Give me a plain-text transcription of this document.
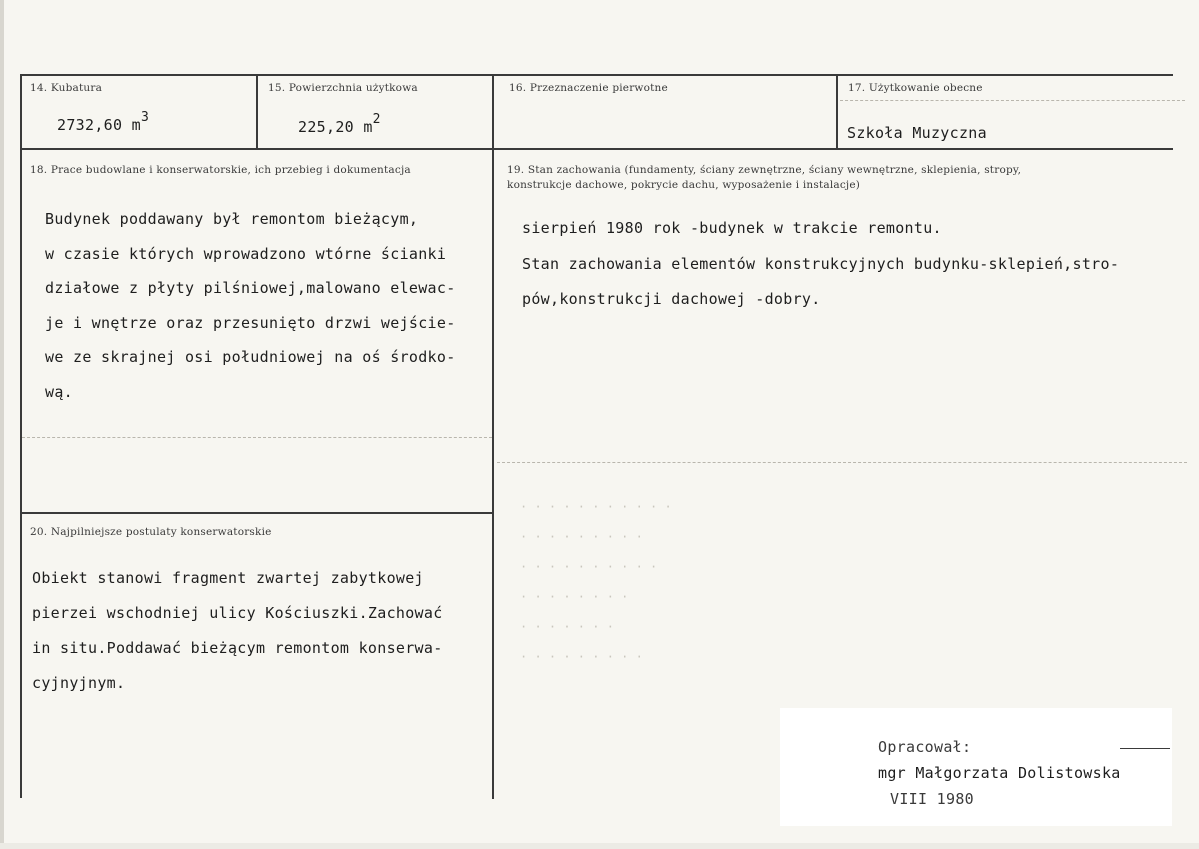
· · · · · · · · · · ·
· · · · · · · · ·
· · · · · · · · · ·
· · · · · · · ·
· · · · · · ·
· · · · · · · · ·
14. Kubatura
2732,60 m3
15. Powierzchnia użytkowa
225,20 m2
16. Przeznaczenie pierwotne	17. Użytkowanie obecne
Szkoła Muzyczna
18. Prace budowlane i konserwatorskie, ich przebieg i dokumentacja
Budynek poddawany był remontom bieżącym,
w czasie których wprowadzono wtórne ścianki
działowe z płyty pilśniowej,malowano elewac-
je i wnętrze oraz przesunięto drzwi wejście-
we ze skrajnej osi południowej na oś środko-
wą.
19. Stan zachowania (fundamenty, ściany zewnętrzne, ściany wewnętrzne, sklepienia, stropy,
konstrukcje dachowe, pokrycie dachu, wyposażenie i instalacje)
sierpień 1980 rok -budynek w trakcie remontu.
Stan zachowania elementów konstrukcyjnych budynku-sklepień,stro-
pów,konstrukcji dachowej -dobry.
20. Najpilniejsze postulaty konserwatorskie
Obiekt stanowi fragment zwartej zabytkowej
pierzei wschodniej ulicy Kościuszki.Zachować
in situ.Poddawać bieżącym remontom konserwa-
cyjnyjnym.
Opracował:
mgr Małgorzata Dolistowska
VIII 1980
